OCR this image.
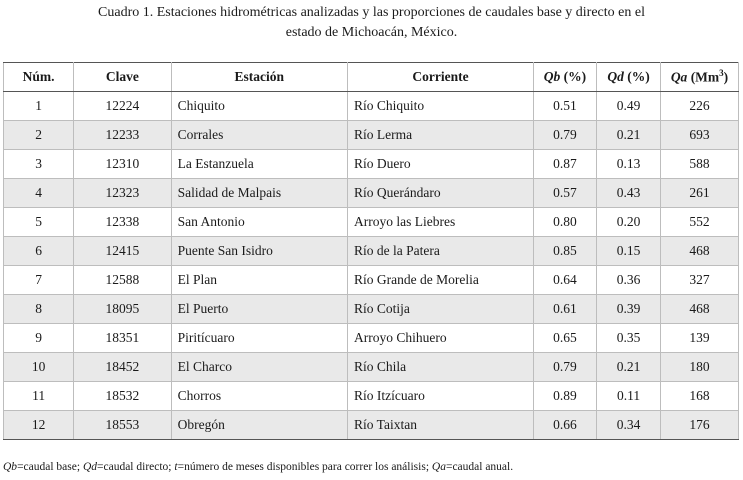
Cuadro 1. Estaciones hidrométricas analizadas y las proporciones de caudales base y directo en el
estado de Michoacán, México.
Núm.	Clave	Estación	Corriente	Qb (%)	Qd (%)	Qa (Mm$^3$)
1	12224	Chiquito	Río Chiquito	0.51	0.49	226
2	12233	Corrales	Río Lerma	0.79	0.21	693
3	12310	La Estanzuela	Río Duero	0.87	0.13	588
4	12323	Salidad de Malpais	Río Querándaro	0.57	0.43	261
5	12338	San Antonio	Arroyo las Liebres	0.80	0.20	552
6	12415	Puente San Isidro	Río de la Patera	0.85	0.15	468
7	12588	El Plan	Río Grande de Morelia	0.64	0.36	327
8	18095	El Puerto	Río Cotija	0.61	0.39	468
9	18351	Piritícuaro	Arroyo Chihuero	0.65	0.35	139
10	18452	El Charco	Río Chila	0.79	0.21	180
11	18532	Chorros	Río Itzícuaro	0.89	0.11	168
12	18553	Obregón	Río Taixtan	0.66	0.34	176
Qb=caudal base; Qd=caudal directo; t=número de meses disponibles para correr los análisis; Qa=caudal anual.
